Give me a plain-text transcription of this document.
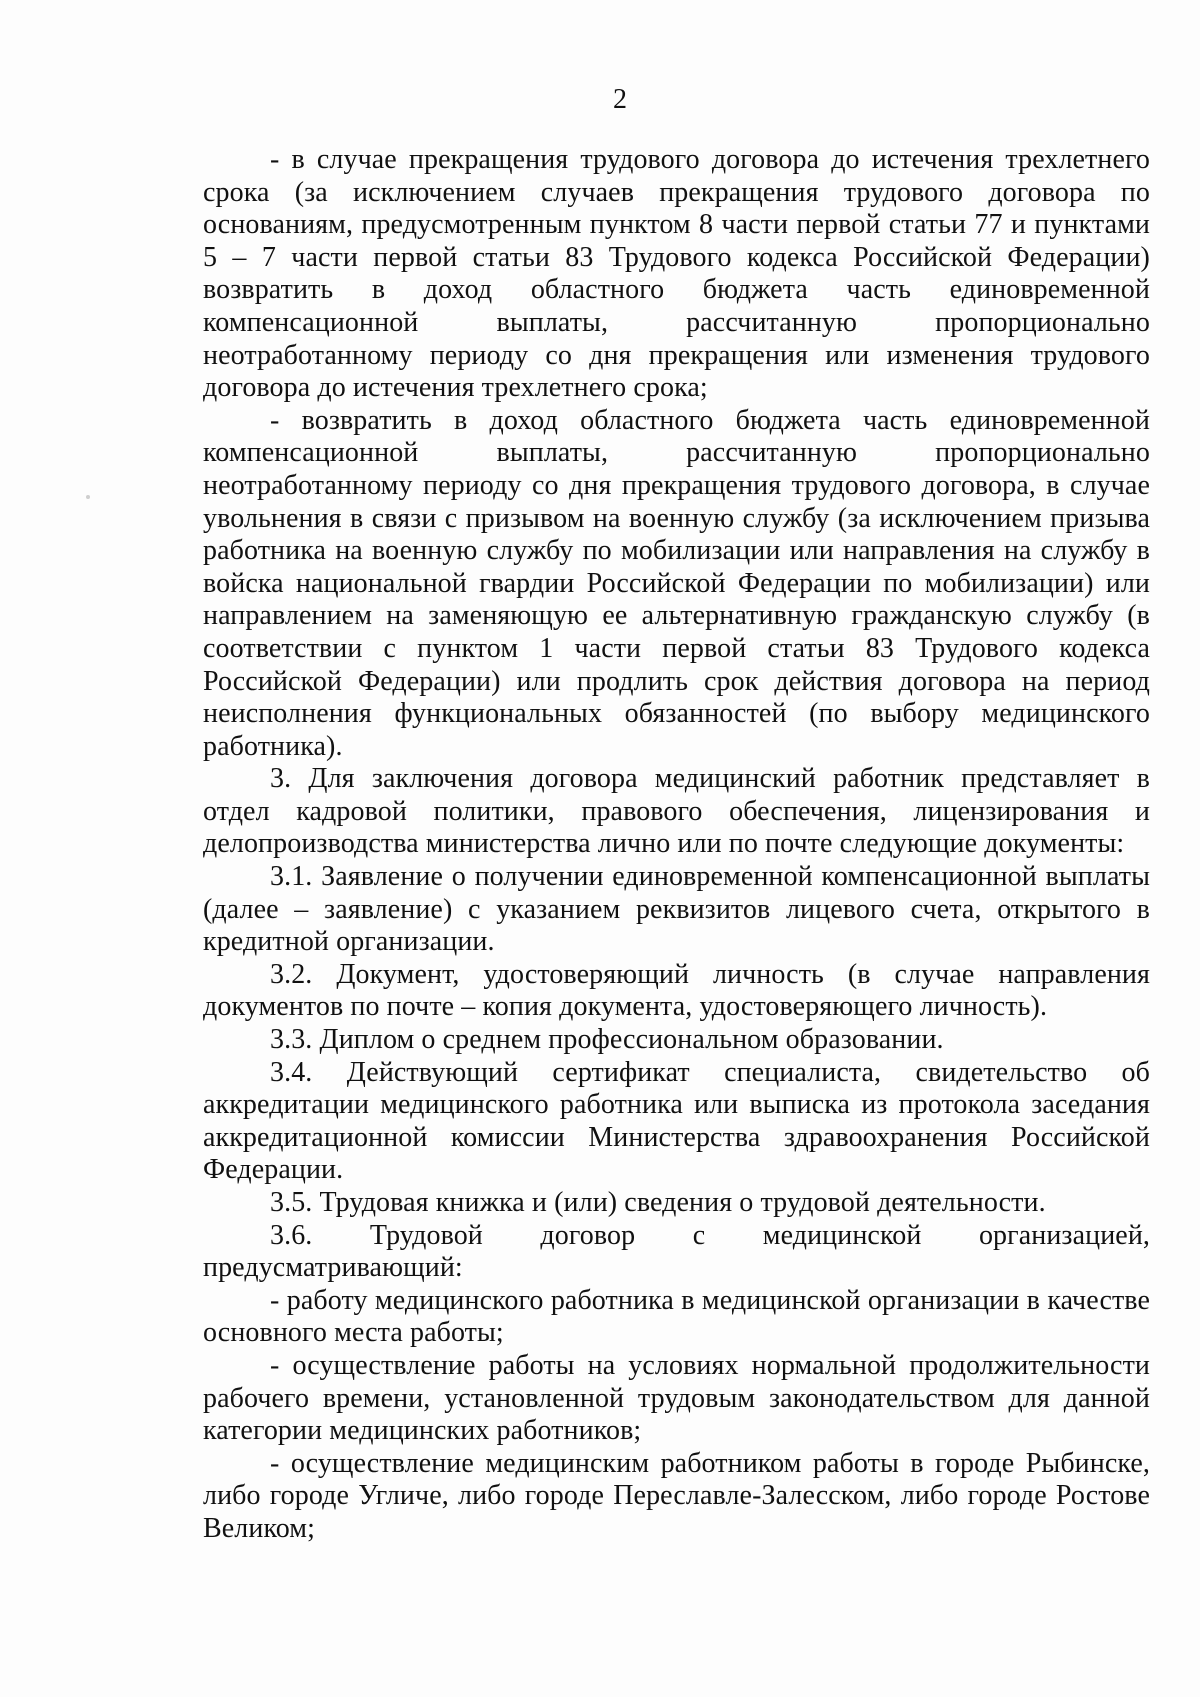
2

- в случае прекращения трудового договора до истечения трехлетнего срока (за исключением случаев прекращения трудового договора по основаниям, предусмотренным пунктом 8 части первой статьи 77 и пунктами 5 – 7 части первой статьи 83 Трудового кодекса Российской Федерации) возвратить в доход областного бюджета часть единовременной компенсационной выплаты, рассчитанную пропорционально неотработанному периоду со дня прекращения или изменения трудового договора до истечения трехлетнего срока;

- возвратить в доход областного бюджета часть единовременной компенсационной выплаты, рассчитанную пропорционально неотработанному периоду со дня прекращения трудового договора, в случае увольнения в связи с призывом на военную службу (за исключением призыва работника на военную службу по мобилизации или направления на службу в войска национальной гвардии Российской Федерации по мобилизации) или направлением на заменяющую ее альтернативную гражданскую службу (в соответствии с пунктом 1 части первой статьи 83 Трудового кодекса Российской Федерации) или продлить срок действия договора на период неисполнения функциональных обязанностей (по выбору медицинского работника).

3. Для заключения договора медицинский работник представляет в отдел кадровой политики, правового обеспечения, лицензирования и делопроизводства министерства лично или по почте следующие документы:

3.1. Заявление о получении единовременной компенсационной выплаты (далее – заявление) с указанием реквизитов лицевого счета, открытого в кредитной организации.

3.2. Документ, удостоверяющий личность (в случае направления документов по почте – копия документа, удостоверяющего личность).

3.3. Диплом о среднем профессиональном образовании.

3.4. Действующий сертификат специалиста, свидетельство об аккредитации медицинского работника или выписка из протокола заседания аккредитационной комиссии Министерства здравоохранения Российской Федерации.

3.5. Трудовая книжка и (или) сведения о трудовой деятельности.

3.6. Трудовой договор с медицинской организацией, предусматривающий:

- работу медицинского работника в медицинской организации в качестве основного места работы;

- осуществление работы на условиях нормальной продолжительности рабочего времени, установленной трудовым законодательством для данной категории медицинских работников;

- осуществление медицинским работником работы в городе Рыбинске, либо городе Угличе, либо городе Переславле-Залесском, либо городе Ростове Великом;
